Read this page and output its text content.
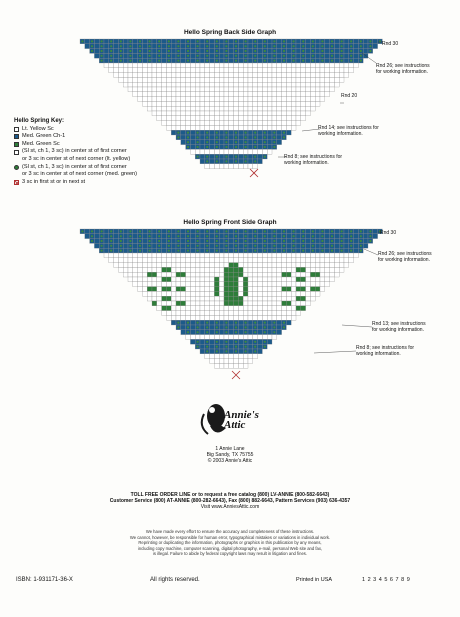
Hello Spring Back Side Graph
Rnd 30
Rnd 26; see instructions for working information.
Rnd 20
Rnd 14; see instructions for working information.
Rnd 8; see instructions for working information.
Hello Spring Key:
Lt. Yellow Sc
Med. Green Ch-1
Med. Green Sc
(Sl st, ch 1, 3 sc) in center st of first corner
or 3 sc in center st of next corner (lt. yellow)
(Sl st, ch 1, 3 sc) in center st of first corner
or 3 sc in center st of next corner (med. green)
3 sc in first st or in next st
Hello Spring Front Side Graph
Rnd 30
Rnd 26; see instructions for working information.
Rnd 13; see instructions for working information.
Rnd 8; see instructions for working information.
Annie's Attic
1 Annie Lane
Big Sandy, TX 75755
© 2003 Annie's Attic
TOLL FREE ORDER LINE or to request a free catalog (800) LV-ANNIE (800-582-6643)
Customer Service (800) AT-ANNIE (800-282-6643), Fax (800) 882-6643, Pattern Services (903) 636-4357
Visit www.AnniesAttic.com
We have made every effort to ensure the accuracy and completeness of these instructions.
We cannot, however, be responsible for human error, typographical mistakes or variations in individual work.
Reprinting or duplicating the information, photographs or graphics in this publication by any means,
including copy machine, computer scanning, digital photography, e-mail, personal Web site and fax,
is illegal. Failure to abide by federal copyright laws may result in litigation and fines.
ISBN: 1-931171-36-X	All rights reserved.	Printed in USA	1 2 3 4 5 6 7 8 9
